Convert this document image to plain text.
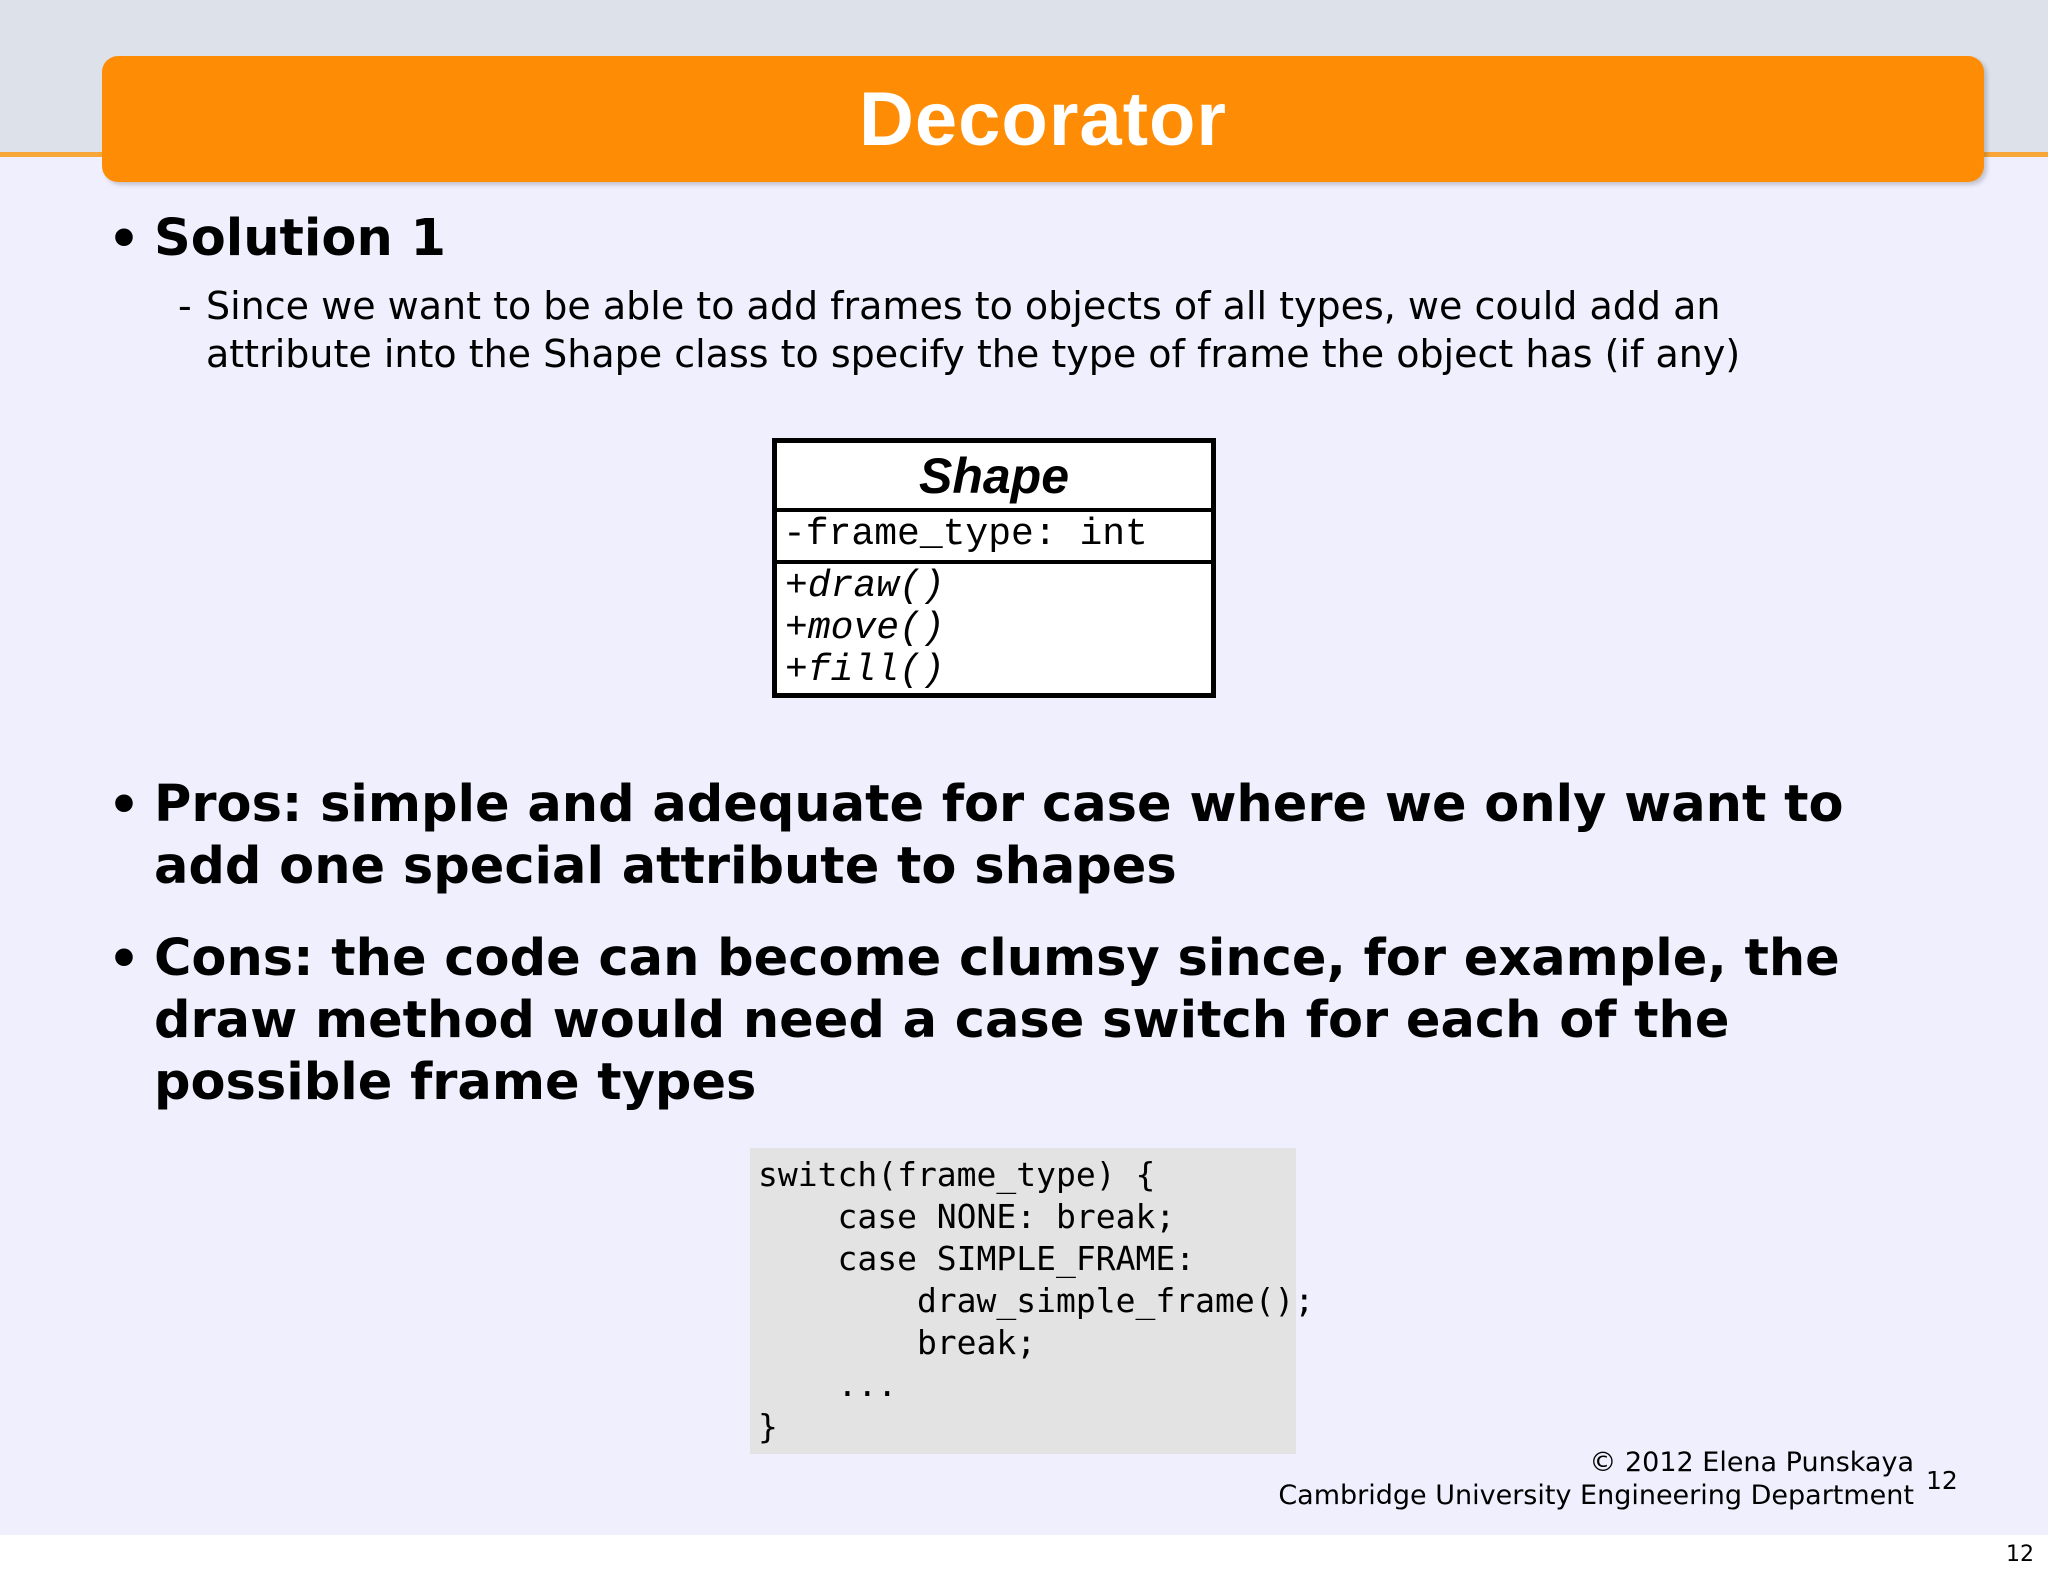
Decorator
• Solution 1
- Since we want to be able to add frames to objects of all types, we could add an attribute into the Shape class to specify the type of frame the object has (if any)
Shape
-frame_type: int
+draw()
+move()
+fill()
• Pros: simple and adequate for case where we only want to add one special attribute to shapes
• Cons: the code can become clumsy since, for example, the draw method would need a case switch for each of the possible frame types
switch(frame_type) {
case NONE: break;
case SIMPLE_FRAME:
draw_simple_frame();
break;
...
}
© 2012 Elena Punskaya
Cambridge University Engineering Department 12
12
